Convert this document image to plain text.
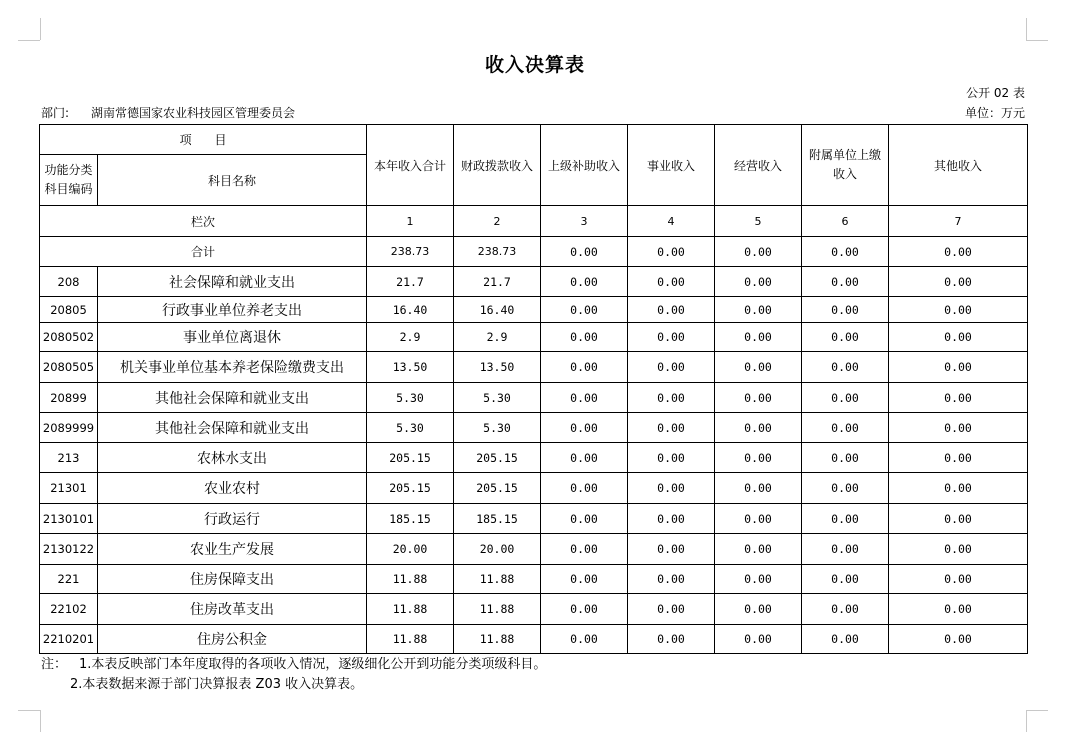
收入决算表
公开 02 表
部门: 湖南常德国家农业科技园区管理委员会	单位：万元
项      目		本年收入合计	财政拨款收入	上级补助收入	事业收入	经营收入	附属单位上缴收入	其他收入
功能分类科目编码	科目名称							
栏次		1	2	3	4	5	6	7
合计		238.73	238.73	0.00	0.00	0.00	0.00	0.00
208	社会保障和就业支出	21.7	21.7	0.00	0.00	0.00	0.00	0.00
20805	行政事业单位养老支出	16.40	16.40	0.00	0.00	0.00	0.00	0.00
2080502	事业单位离退休	2.9	2.9	0.00	0.00	0.00	0.00	0.00
2080505	机关事业单位基本养老保险缴费支出	13.50	13.50	0.00	0.00	0.00	0.00	0.00
20899	其他社会保障和就业支出	5.30	5.30	0.00	0.00	0.00	0.00	0.00
2089999	其他社会保障和就业支出	5.30	5.30	0.00	0.00	0.00	0.00	0.00
213	农林水支出	205.15	205.15	0.00	0.00	0.00	0.00	0.00
21301	农业农村	205.15	205.15	0.00	0.00	0.00	0.00	0.00
2130101	行政运行	185.15	185.15	0.00	0.00	0.00	0.00	0.00
2130122	农业生产发展	20.00	20.00	0.00	0.00	0.00	0.00	0.00
221	住房保障支出	11.88	11.88	0.00	0.00	0.00	0.00	0.00
22102	住房改革支出	11.88	11.88	0.00	0.00	0.00	0.00	0.00
2210201	住房公积金	11.88	11.88	0.00	0.00	0.00	0.00	0.00
注： 1.本表反映部门本年度取得的各项收入情况，逐级细化公开到功能分类项级科目。
2.本表数据来源于部门决算报表 Z03 收入决算表。
